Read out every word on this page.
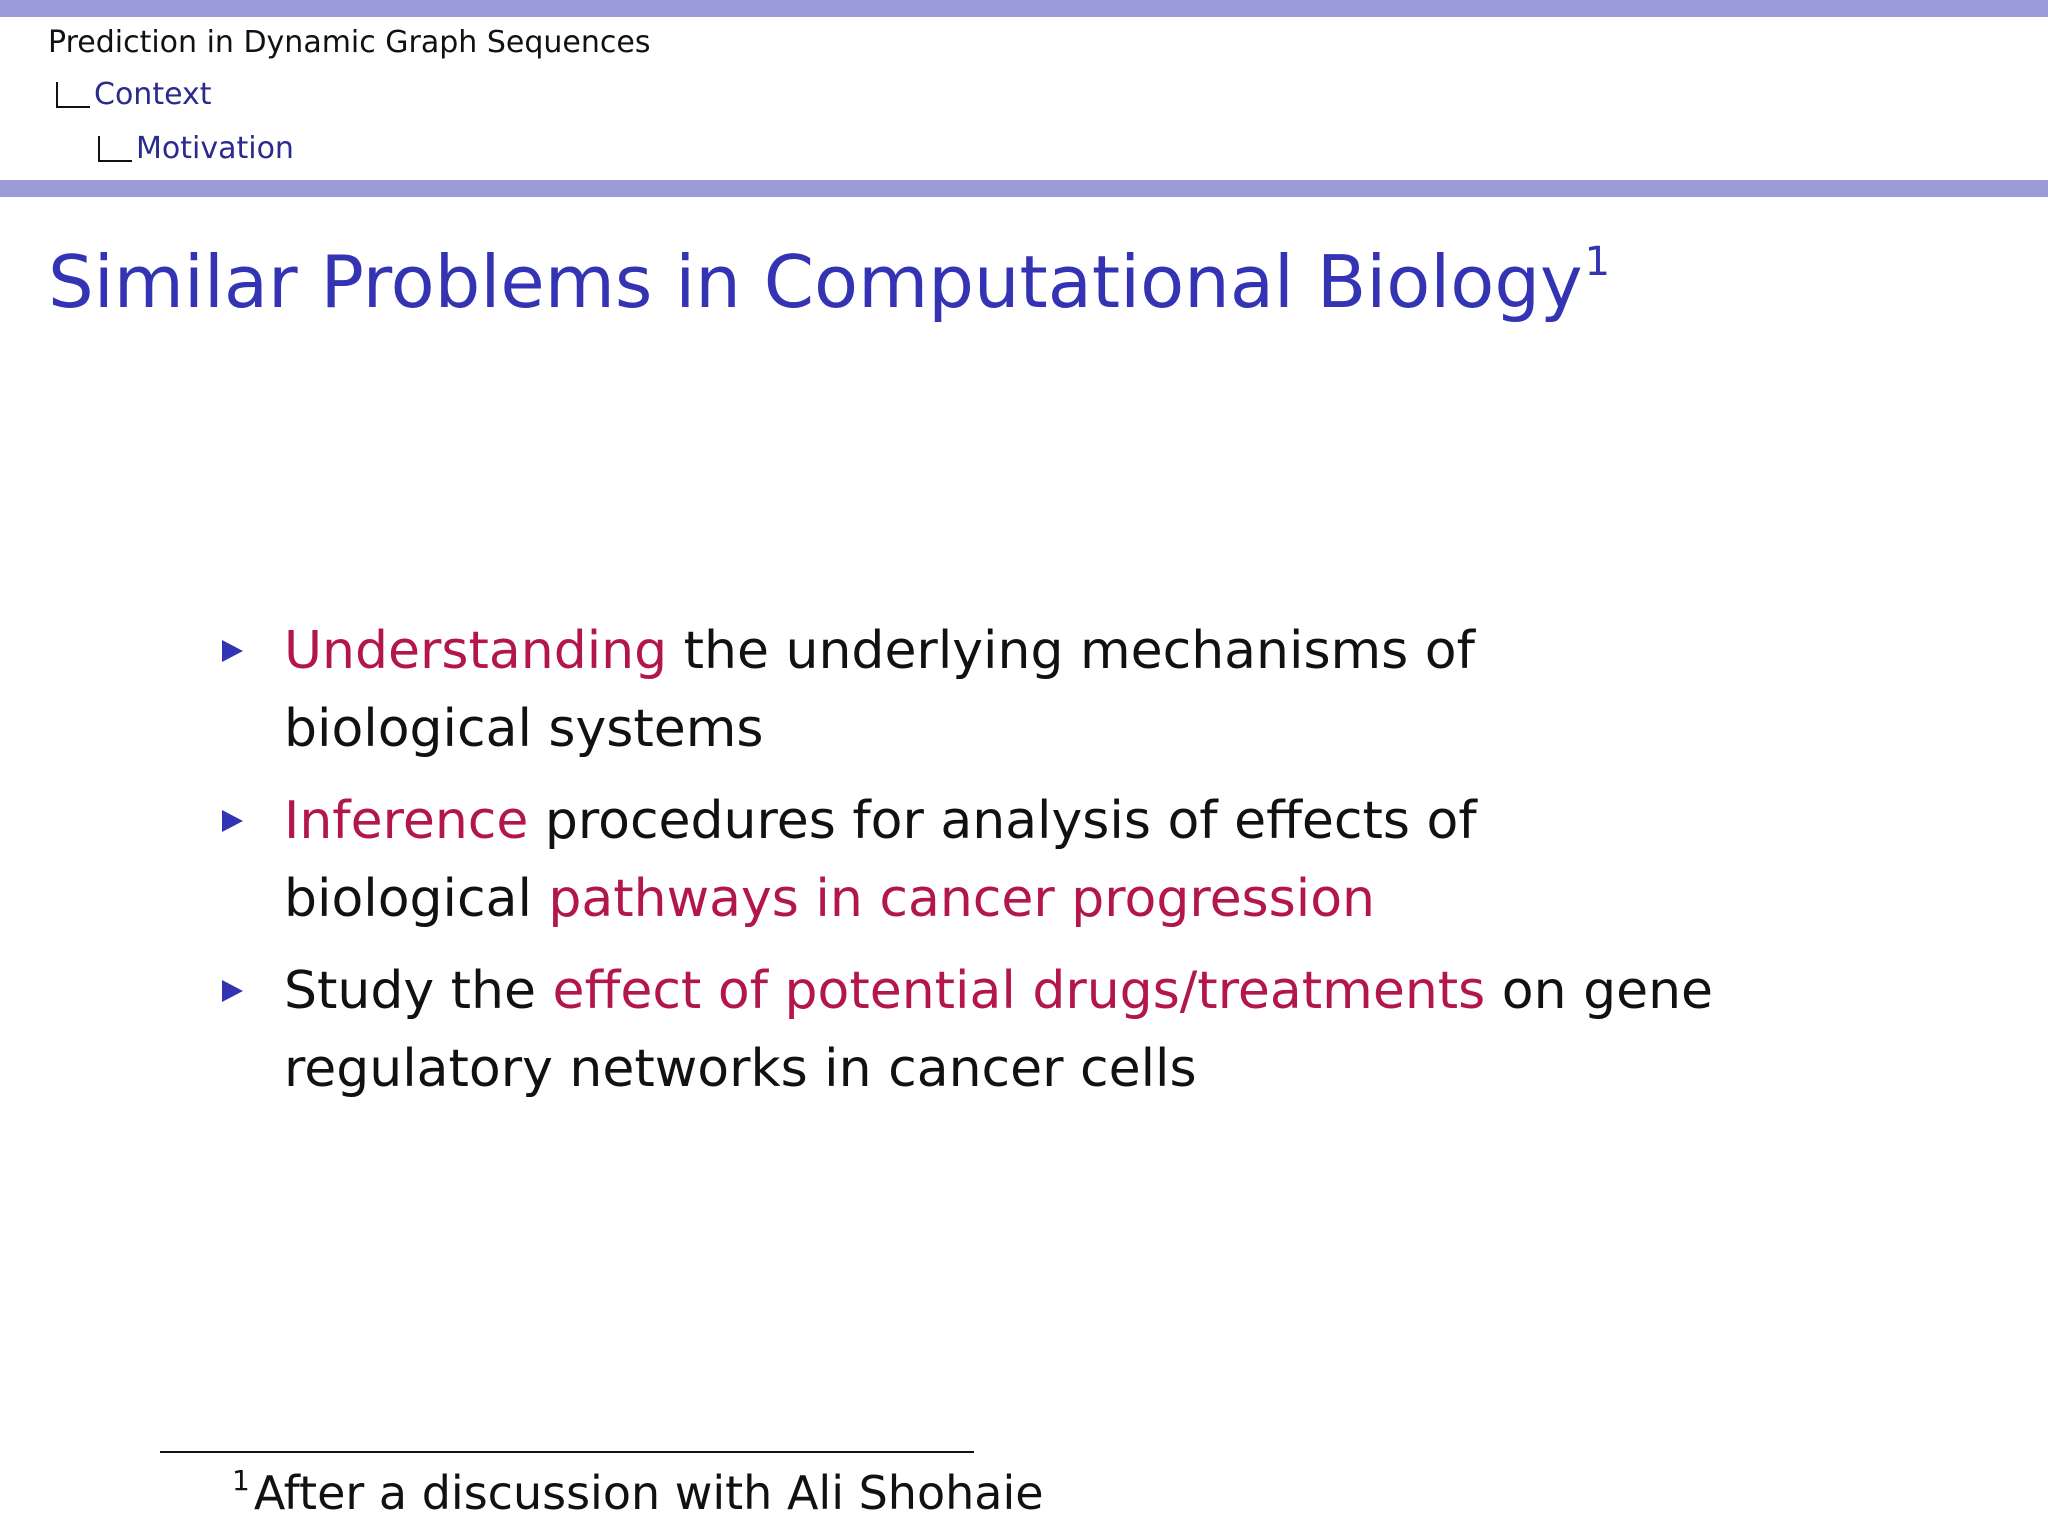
Prediction in Dynamic Graph Sequences
Context
Motivation
Similar Problems in Computational Biology$^1$
Understanding the underlying mechanisms of biological systems
Inference procedures for analysis of effects of biological pathways in cancer progression
Study the effect of potential drugs/treatments on gene regulatory networks in cancer cells
$^1$After a discussion with Ali Shohaie
